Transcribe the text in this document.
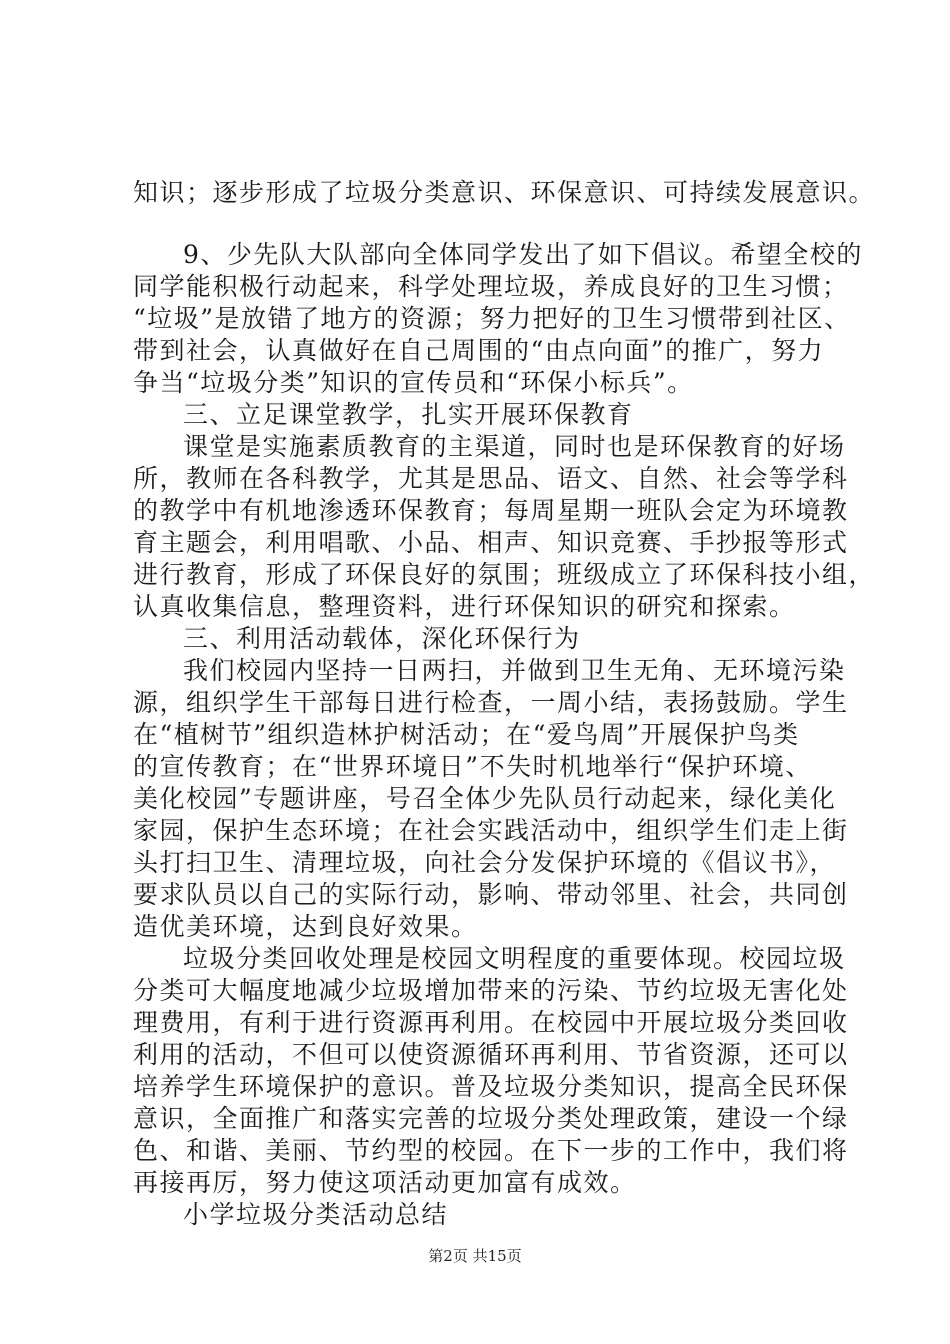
知识；逐步形成了垃圾分类意识、环保意识、可持续发展意识。
9、少先队大队部向全体同学发出了如下倡议。希望全校的
同学能积极行动起来，科学处理垃圾，养成良好的卫生习惯；
“垃圾”是放错了地方的资源；努力把好的卫生习惯带到社区、
带到社会，认真做好在自己周围的“由点向面”的推广，努力
争当“垃圾分类”知识的宣传员和“环保小标兵”。
三、立足课堂教学，扎实开展环保教育
课堂是实施素质教育的主渠道，同时也是环保教育的好场
所，教师在各科教学，尤其是思品、语文、自然、社会等学科
的教学中有机地渗透环保教育；每周星期一班队会定为环境教
育主题会，利用唱歌、小品、相声、知识竞赛、手抄报等形式
进行教育，形成了环保良好的氛围；班级成立了环保科技小组，
认真收集信息，整理资料，进行环保知识的研究和探索。
三、利用活动载体，深化环保行为
我们校园内坚持一日两扫，并做到卫生无角、无环境污染
源，组织学生干部每日进行检查，一周小结，表扬鼓励。学生
在“植树节”组织造林护树活动；在“爱鸟周”开展保护鸟类
的宣传教育；在“世界环境日”不失时机地举行“保护环境、
美化校园”专题讲座，号召全体少先队员行动起来，绿化美化
家园，保护生态环境；在社会实践活动中，组织学生们走上街
头打扫卫生、清理垃圾，向社会分发保护环境的《倡议书》，
要求队员以自己的实际行动，影响、带动邻里、社会，共同创
造优美环境，达到良好效果。
垃圾分类回收处理是校园文明程度的重要体现。校园垃圾
分类可大幅度地减少垃圾增加带来的污染、节约垃圾无害化处
理费用，有利于进行资源再利用。在校园中开展垃圾分类回收
利用的活动，不但可以使资源循环再利用、节省资源，还可以
培养学生环境保护的意识。普及垃圾分类知识，提高全民环保
意识，全面推广和落实完善的垃圾分类处理政策，建设一个绿
色、和谐、美丽、节约型的校园。在下一步的工作中，我们将
再接再厉，努力使这项活动更加富有成效。
小学垃圾分类活动总结
第2页 共15页
